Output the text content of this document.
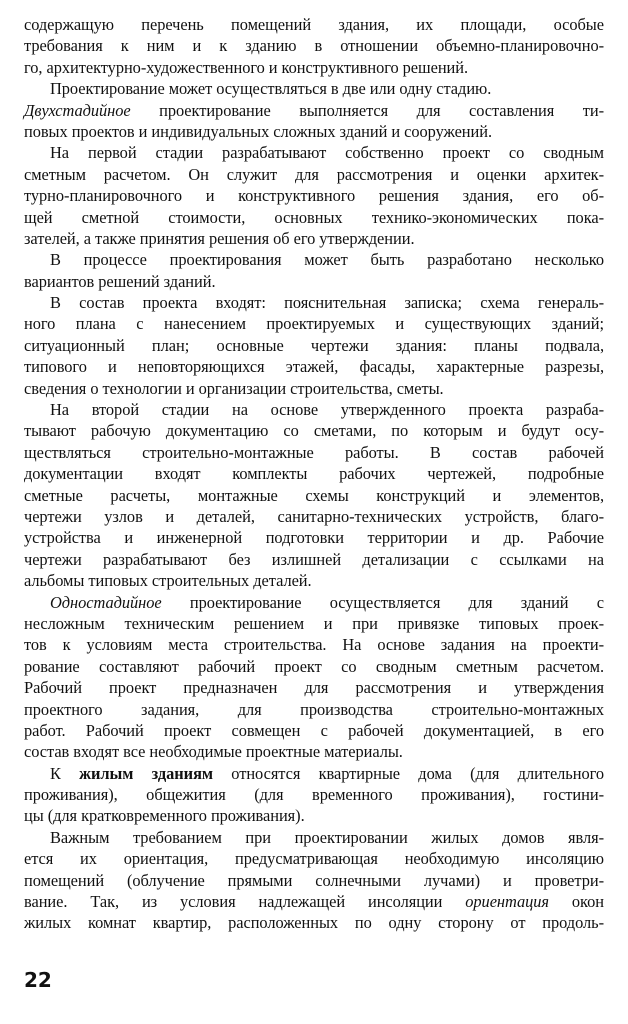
содержащую перечень помещений здания, их площади, особые
требования к ним и к зданию в отношении объемно-планировочно-
го, архитектурно-художественного и конструктивного решений.
Проектирование может осуществляться в две или одну стадию.
Двухстадийное проектирование выполняется для составления ти-
повых проектов и индивидуальных сложных зданий и сооружений.
На первой стадии разрабатывают собственно проект со сводным
сметным расчетом. Он служит для рассмотрения и оценки архитек-
турно-планировочного и конструктивного решения здания, его об-
щей сметной стоимости, основных технико-экономических пока-
зателей, а также принятия решения об его утверждении.
В процессе проектирования может быть разработано несколько
вариантов решений зданий.
В состав проекта входят: пояснительная записка; схема генераль-
ного плана с нанесением проектируемых и существующих зданий;
ситуационный план; основные чертежи здания: планы подвала,
типового и неповторяющихся этажей, фасады, характерные разрезы,
сведения о технологии и организации строительства, сметы.
На второй стадии на основе утвержденного проекта разраба-
тывают рабочую документацию со сметами, по которым и будут осу-
ществляться строительно-монтажные работы. В состав рабочей
документации входят комплекты рабочих чертежей, подробные
сметные расчеты, монтажные схемы конструкций и элементов,
чертежи узлов и деталей, санитарно-технических устройств, благо-
устройства и инженерной подготовки территории и др. Рабочие
чертежи разрабатывают без излишней детализации с ссылками на
альбомы типовых строительных деталей.
Одностадийное проектирование осуществляется для зданий с
несложным техническим решением и при привязке типовых проек-
тов к условиям места строительства. На основе задания на проекти-
рование составляют рабочий проект со сводным сметным расчетом.
Рабочий проект предназначен для рассмотрения и утверждения
проектного задания, для производства строительно-монтажных
работ. Рабочий проект совмещен с рабочей документацией, в его
состав входят все необходимые проектные материалы.
К жилым зданиям относятся квартирные дома (для длительного
проживания), общежития (для временного проживания), гостини-
цы (для кратковременного проживания).
Важным требованием при проектировании жилых домов явля-
ется их ориентация, предусматривающая необходимую инсоляцию
помещений (облучение прямыми солнечными лучами) и проветри-
вание. Так, из условия надлежащей инсоляции ориентация окон
жилых комнат квартир, расположенных по одну сторону от продоль-
22
